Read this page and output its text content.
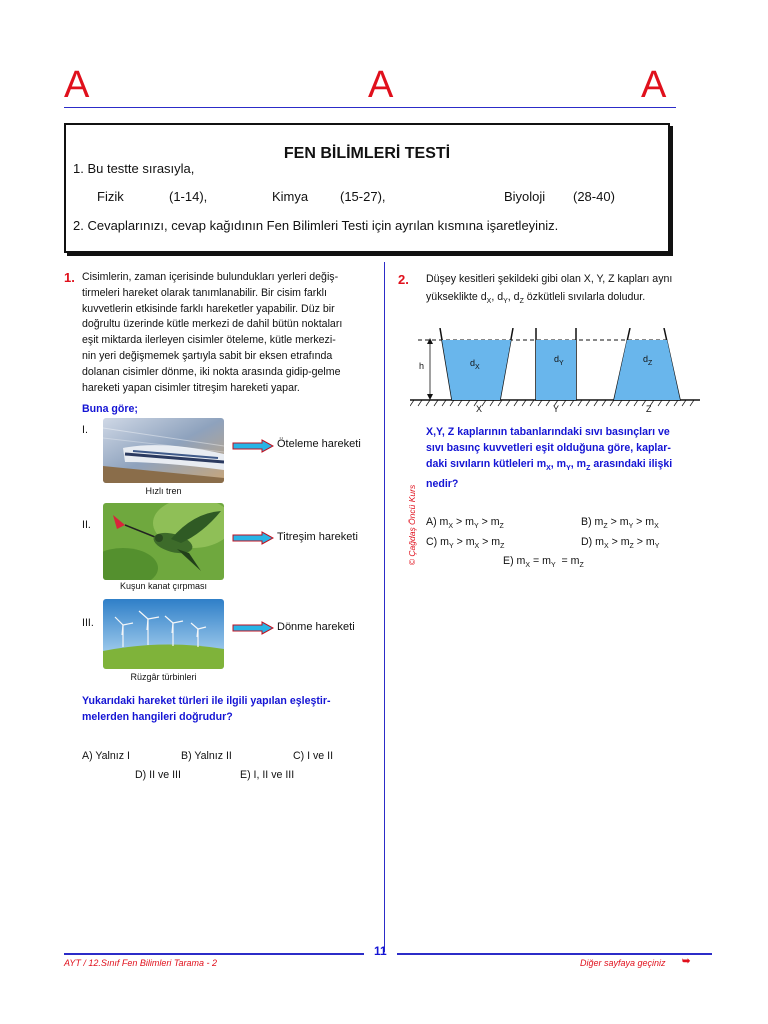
A	A	A
FEN BİLİMLERİ TESTİ
1. Bu testte sırasıyla,
Fizik	(1-14),	Kimya (15-27),	Biyoloji (28-40)
2. Cevaplarınızı, cevap kağıdının Fen Bilimleri Testi için ayrılan kısmına işaretleyiniz.
1. Cisimlerin, zaman içerisinde bulundukları yerleri değiş-
tirmeleri hareket olarak tanımlanabilir. Bir cisim farklı
kuvvetlerin etkisinde farklı hareketler yapabilir. Düz bir
doğrultu üzerinde kütle merkezi de dahil bütün noktaları
eşit miktarda ilerleyen cisimler öteleme, kütle merkezi-
nin yeri değişmemek şartıyla sabit bir eksen etrafında
dolanan cisimler dönme, iki nokta arasında gidip-gelme
hareketi yapan cisimler titreşim hareketi yapar.
Buna göre;
I.
Hızlı tren
Öteleme hareketi
II.
Kuşun kanat çırpması
Titreşim hareketi
III.
Rüzgâr türbinleri
Dönme hareketi
Yukarıdaki hareket türleri ile ilgili yapılan eşleştir-
melerden hangileri doğrudur?
A) Yalnız I	B) Yalnız II	C) I ve II
D) II ve III	E) I, II ve III
© Çağdaş Öncü Kurs
2. Düşey kesitleri şekildeki gibi olan X, Y, Z kapları aynı
yükseklikte $d_X$, $d_Y$, $d_Z$ özkütleli sıvılarla doludur.
h	$d_X$
$d_Y$	$d_Z$
X	Y	Z
X,Y, Z kaplarının tabanlarındaki sıvı basınçları ve
sıvı basınç kuvvetleri eşit olduğuna göre, kaplar-
daki sıvıların kütleleri $m_X$, $m_Y$, $m_Z$ arasındaki ilişki
nedir?
A) $m_X > m_Y > m_Z$	B) $m_Z > m_Y > m_X$
C) $m_Y > m_X > m_Z$	D) $m_X > m_Z > m_Y$
E) $m_X = m_Y = m_Z$
11
AYT / 12.Sınıf Fen Bilimleri Tarama - 2	Diğer sayfaya geçiniz ➥
